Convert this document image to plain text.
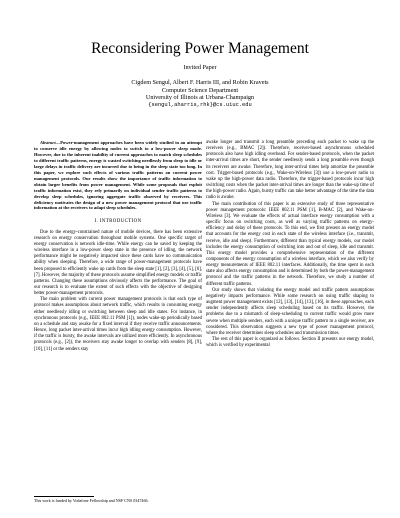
Reconsidering Power Management
Invited Paper
Cigdem Sengul, Albert F. Harris III, and Robin Kravets
Computer Science Department
University of Illinois at Urbana-Champaign
{sengul,aharris,rhk}@cs.uiuc.edu

Abstract—Power-management approaches have been widely studied in an attempt to conserve idle energy by allowing nodes to switch to a low-power sleep mode. However, due to the inherent inability of current approaches to match sleep schedules to different traffic patterns, energy is wasted switching needlessly from sleep to idle or large delays in traffic delivery are incurred due to being in the sleep state too long. In this paper, we explore such effects of various traffic patterns on current power management protocols. Our results show the importance of traffic information to obtain larger benefits from power management. While some proposals that exploit traffic information exist, they rely primarily on individual sender traffic patterns to develop sleep schedules, ignoring aggregate traffic observed by receivers. This deficiency motivates the design of a new power management protocol that use traffic information at the receivers to adapt sleep schedules.

I. INTRODUCTION

Due to the energy-constrained nature of mobile devices, there has been extensive research on energy conservation throughout mobile systems. One specific target of energy conservation is network idle-time. While energy can be saved by keeping the wireless interface in a low-power sleep state in the presence of idling, the network performance might be negatively impacted since these cards have no communication ability when sleeping. Therefore, a wide range of power-management protocols have been proposed to efficiently wake up cards from the sleep state [1], [2], [3], [4], [5], [6], [7]. However, the majority of these protocols assume simplified energy models or traffic patterns. Changing these assumptions obviously affects the performance. The goal of our research is to evaluate the extent of such effects with the objective of designing better power-management protocols.

The main problem with current power management protocols is that each type of protocol makes assumptions about network traffic, which results in consuming energy either needlessly idling or switching between sleep and idle states. For instance, in synchronous protocols (e.g., IEEE 802.11 PSM [1]), nodes wake-up periodically based on a schedule and stay awake for a fixed interval if they receive traffic announcements. Hence, long packet inter-arrival times incur high idling energy consumption. However, if the traffic is bursty, the awake intervals are utilized more efficiently. In asynchronous protocols (e.g., [2]), the receivers stay awake longer to overlap with senders [8], [9], [10], [11] or the senders stay

awake longer and transmit a long preamble preceding each packet to wake up the receivers (e.g., BMAC [2]). Therefore, receiver-based asynchronous scheduled protocols also have high idling overhead. For sender-based protocols, when the packet inter-arrival times are short, the sender needlessly sends a long preamble even though its receivers are awake. Therefore, long inter-arrival times help amortize the preamble cost. Trigger-based protocols (e.g., Wake-on-Wireless [3]) use a low-power radio to wake up the high-power data radio. Therefore, the trigger-based protocols incur high switching costs when the packet inter-arrival times are longer than the wake-up time of the high-power radio. Again, bursty traffic can take better advantage of the time the data radio is awake.

The main contribution of this paper is an extensive study of three representative power management protocols: IEEE 802.11 PSM [1], B-MAC [2], and Wake-on-Wireless [3]. We evaluate the effects of actual interface energy consumption with a specific focus on switching costs, as well as varying traffic patterns on energy-efficiency and delay of these protocols. To this end, we first present an energy model that accounts for the energy cost in each state of the wireless interface (i.e., transmit, receive, idle and sleep). Furthermore, different than typical energy models, our model includes the energy consumption of switching into and out of sleep, idle and transmit. This energy model provides a comprehensive representation of the different components of the energy consumption of a wireless interface, which we also verify by energy measurements of IEEE 802.11 interfaces. Additionally, the time spent in each state also affects energy consumption and is determined by both the power-management protocol and the traffic patterns in the network. Therefore, we study a number of different traffic patterns.

Our study shows that violating the energy model and traffic pattern assumptions negatively impacts performance. While some research on using traffic shaping to augment power management exists [12], [13], [14], [13], [16], in these approaches, each sender independently affects sleep scheduling based on its traffic. However, the problems due to a mismatch of sleep-scheduling to current traffic would grow more severe when multiple senders, each with a unique traffic pattern to a single receiver, are considered. This observation suggests a new type of power management protocol, where the receiver determines sleep schedules and transmission times.

The rest of this paper is organized as follows. Section II presents our energy model, which is verified by experimental

This work is funded by Vodafone Fellowship and NSF CNS 0347466.
